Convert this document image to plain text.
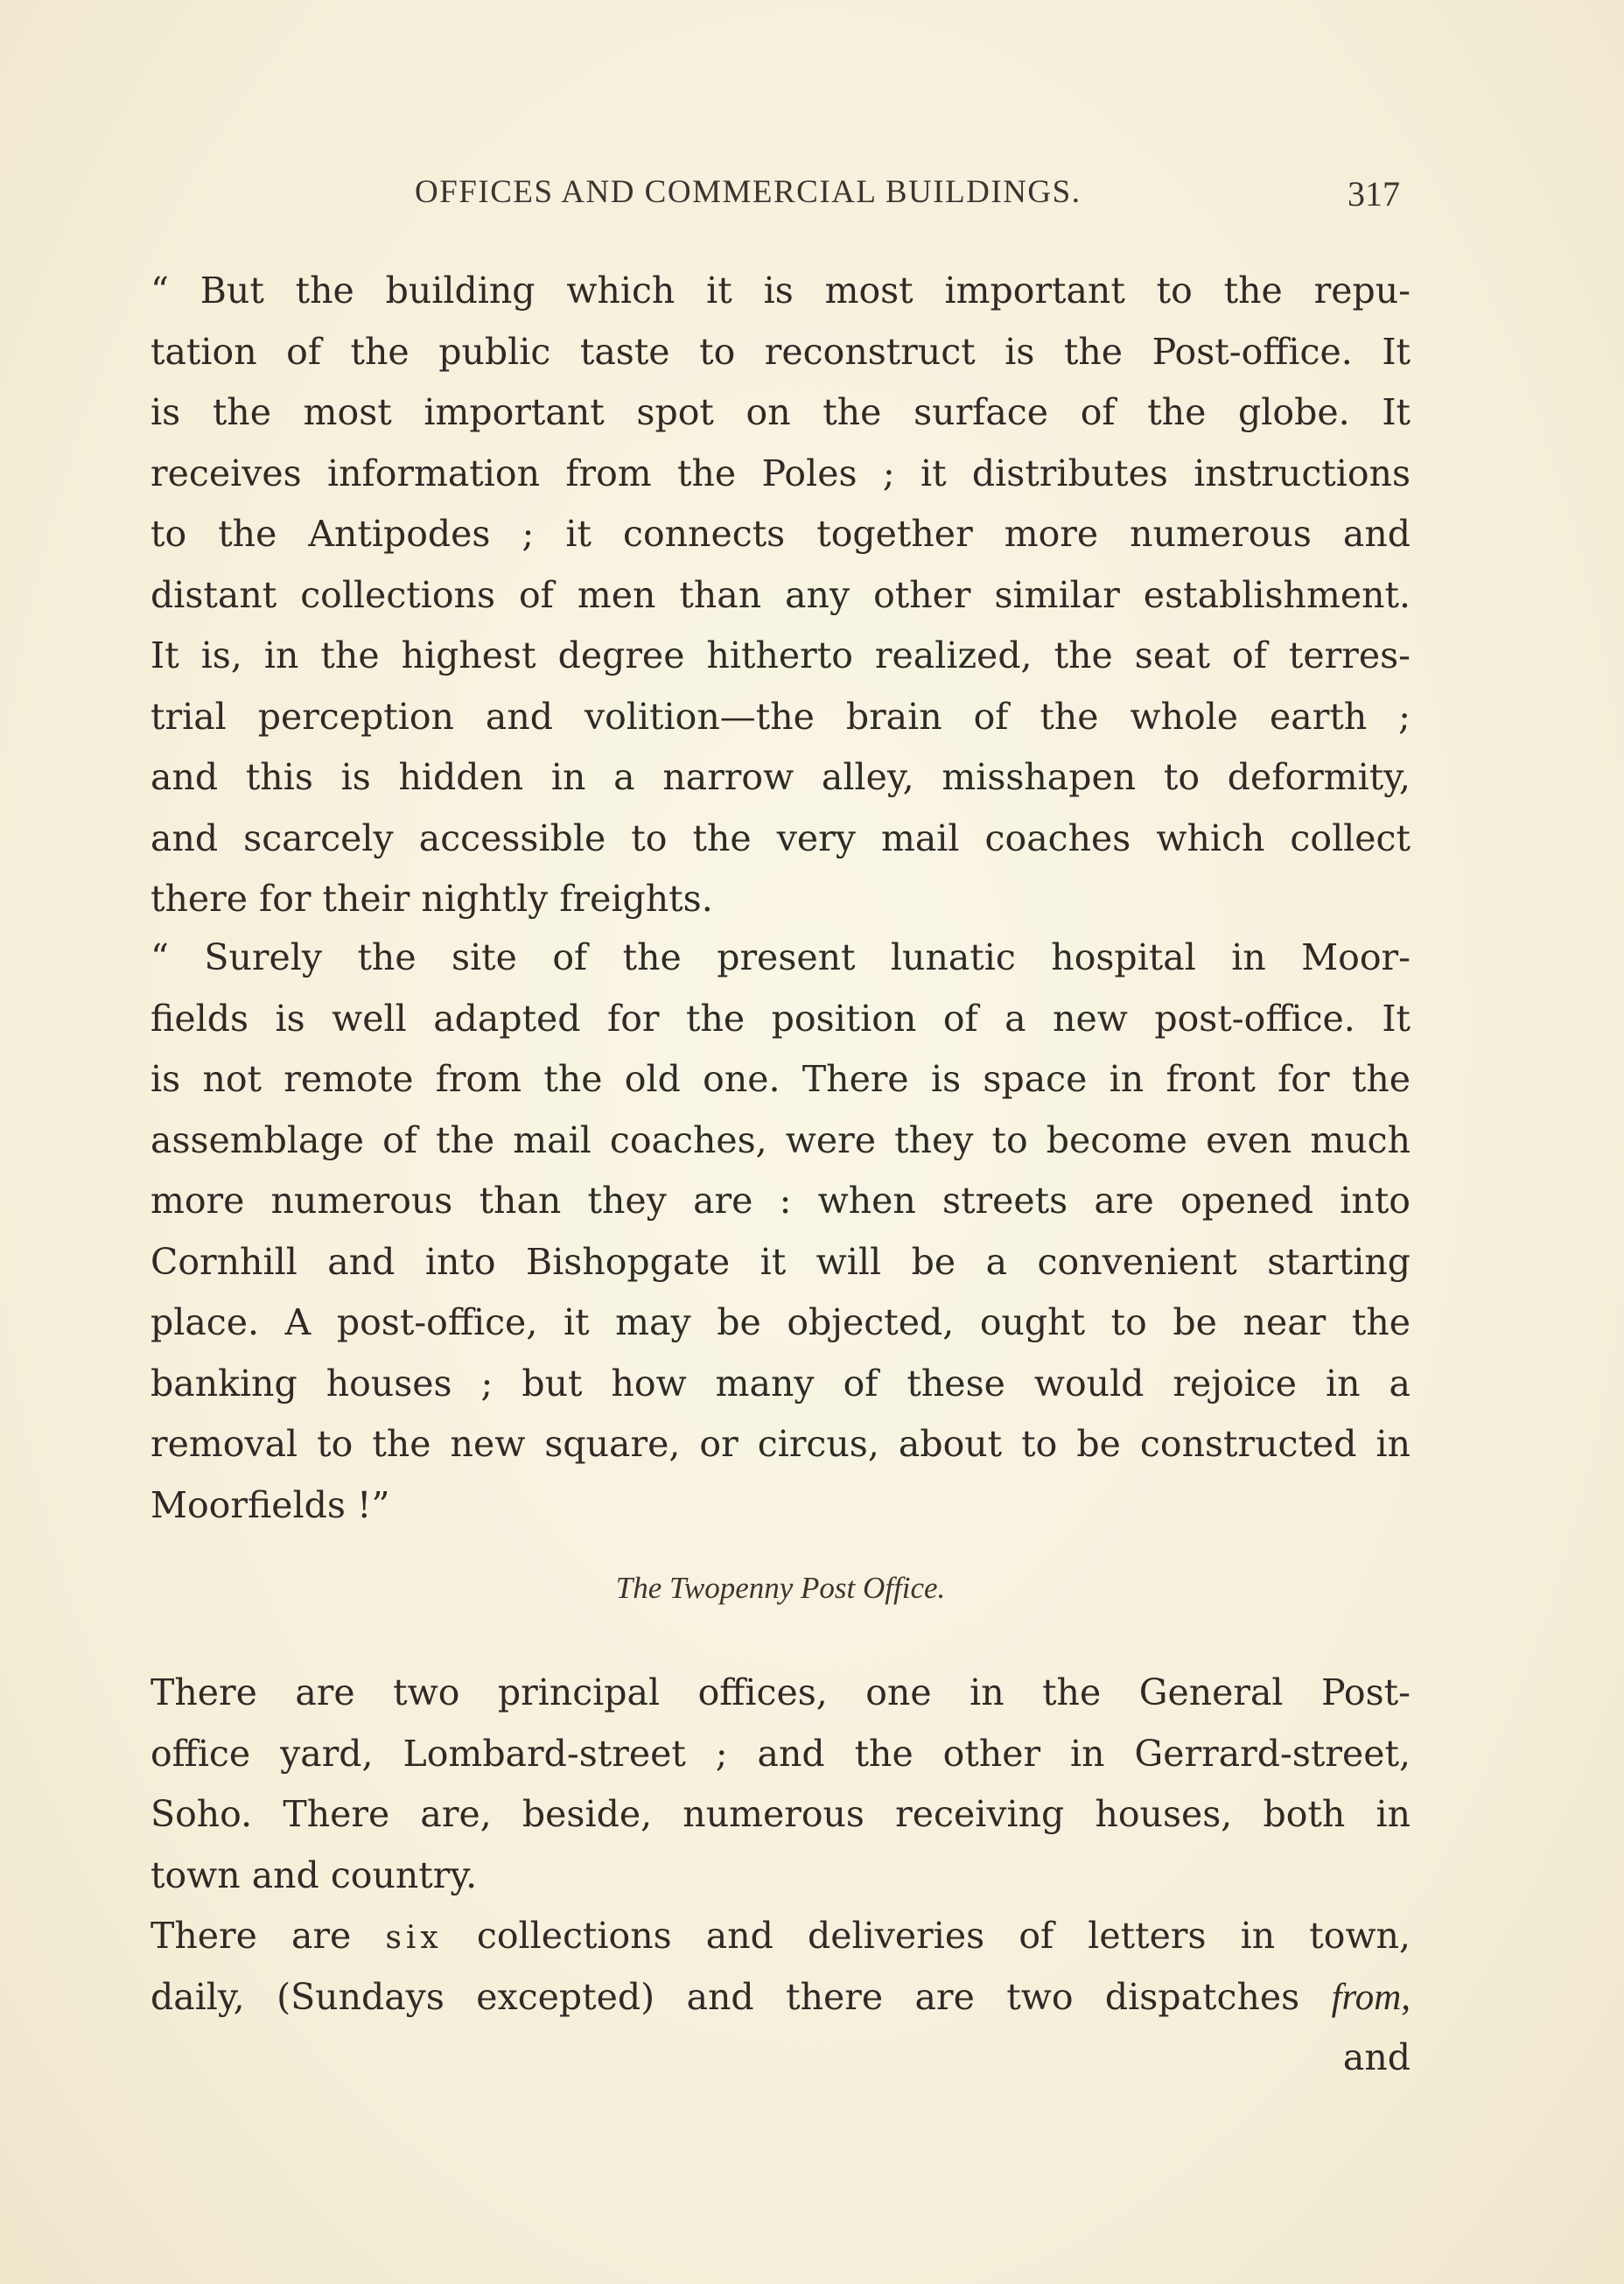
OFFICES AND COMMERCIAL BUILDINGS.	317
“ But the building which it is most important to the repu-
tation of the public taste to reconstruct is the Post-office. It
is the most important spot on the surface of the globe. It
receives information from the Poles ; it distributes instructions
to the Antipodes ; it connects together more numerous and
distant collections of men than any other similar establishment.
It is, in the highest degree hitherto realized, the seat of terres-
trial perception and volition—the brain of the whole earth ;
and this is hidden in a narrow alley, misshapen to deformity,
and scarcely accessible to the very mail coaches which collect
there for their nightly freights.
“ Surely the site of the present lunatic hospital in Moor-
fields is well adapted for the position of a new post-office. It
is not remote from the old one. There is space in front for the
assemblage of the mail coaches, were they to become even much
more numerous than they are : when streets are opened into
Cornhill and into Bishopgate it will be a convenient starting
place. A post-office, it may be objected, ought to be near the
banking houses ; but how many of these would rejoice in a
removal to the new square, or circus, about to be constructed in
Moorfields !”
The Twopenny Post Office.
There are two principal offices, one in the General Post-
office yard, Lombard-street ; and the other in Gerrard-street,
Soho. There are, beside, numerous receiving houses, both in
town and country.
There are six collections and deliveries of letters in town,
daily, (Sundays excepted) and there are two dispatches from,
and
